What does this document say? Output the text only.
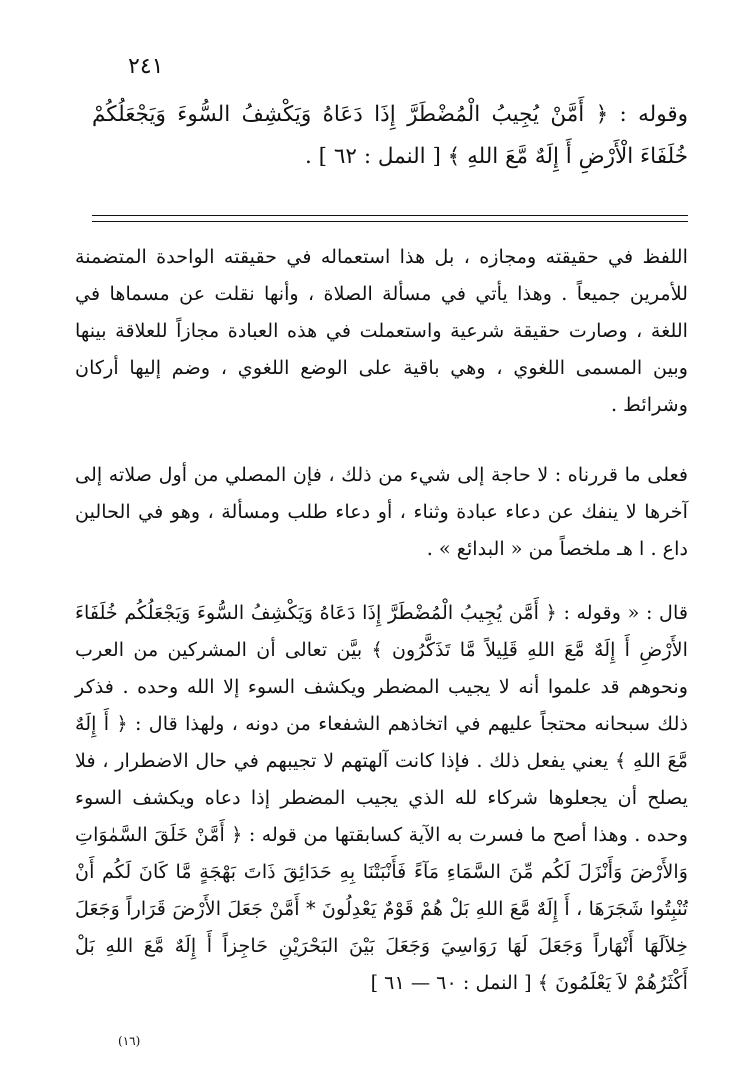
٢٤١
وقوله : ﴿ أَمَّنْ يُجِيبُ الْمُضْطَرَّ إِذَا دَعَاهُ وَيَكْشِفُ السُّوءَ وَيَجْعَلُكُمْ خُلَفَاءَ الْأَرْضِ أَ إِلَهٌ مَّعَ اللهِ ﴾ [ النمل : ٦٢ ] .
اللفظ في حقيقته ومجازه ، بل هذا استعماله في حقيقته الواحدة المتضمنة للأمرين جميعاً . وهذا يأتي في مسألة الصلاة ، وأنها نقلت عن مسماها في اللغة ، وصارت حقيقة شرعية واستعملت في هذه العبادة مجازاً للعلاقة بينها وبين المسمى اللغوي ، وهي باقية على الوضع اللغوي ، وضم إليها أركان وشرائط .
فعلى ما قررناه : لا حاجة إلى شيء من ذلك ، فإن المصلي من أول صلاته إلى آخرها لا ينفك عن دعاء عبادة وثناء ، أو دعاء طلب ومسألة ، وهو في الحالين داع . ا هـ ملخصاً من « البدائع » .
قال : « وقوله : ﴿ أَمَّن يُجِيبُ الْمُضْطَرَّ إِذَا دَعَاهُ وَيَكْشِفُ السُّوءَ وَيَجْعَلُكُم خُلَفَاءَ الأَرْضِ أَ إِلَهٌ مَّعَ اللهِ قَلِيلاً مَّا تَذَكَّرُون ﴾ بيَّن تعالى أن المشركين من العرب ونحوهم قد علموا أنه لا يجيب المضطر ويكشف السوء إلا الله وحده . فذكر ذلك سبحانه محتجاً عليهم في اتخاذهم الشفعاء من دونه ، ولهذا قال : ﴿ أَ إِلَهٌ مَّعَ اللهِ ﴾ يعني يفعل ذلك . فإذا كانت آلهتهم لا تجيبهم في حال الاضطرار ، فلا يصلح أن يجعلوها شركاء لله الذي يجيب المضطر إذا دعاه ويكشف السوء وحده . وهذا أصح ما فسرت به الآية كسابقتها من قوله : ﴿ أَمَّنْ خَلَقَ السَّمٰوَاتِ وَالأَرْضَ وَأَنْزَلَ لَكُم مِّنَ السَّمَاءِ مَآءً فَأَنْبَتْنَا بِهِ حَدَائِقَ ذَاتَ بَهْجَةٍ مَّا كَانَ لَكُم أَنْ تُنْبِتُوا شَجَرَهَا ، أَ إِلَهٌ مَّعَ اللهِ بَلْ هُمْ قَوْمٌ يَعْدِلُونَ * أَمَّنْ جَعَلَ الأَرْضَ قَرَاراً وَجَعَلَ خِلاَلَهَا أَنْهَاراً وَجَعَلَ لَهَا رَوَاسِيَ وَجَعَلَ بَيْنَ البَحْرَيْنِ حَاجِزاً أَ إِلَهٌ مَّعَ اللهِ بَلْ أَكْثَرُهُمْ لاَ يَعْلَمُونَ ﴾ [ النمل : ٦٠ — ٦١ ]
(١٦)
